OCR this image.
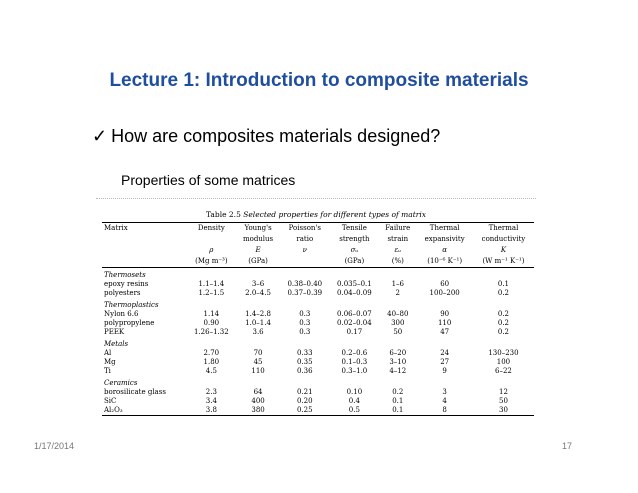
Lecture 1: Introduction to composite materials
✓ How are composites materials designed?
Properties of some matrices
Table 2.5 Selected properties for different types of matrix
Matrix	Density	Young's	Poisson's	Tensile	Failure	Thermal	Thermal
		modulus	ratio	strength	strain	expansivity	conductivity
	ρ	E	ν	σᵤ	εᵤ	α	K
	(Mg m⁻³)	(GPa)		(GPa)	(%)	(10⁻⁶ K⁻¹)	(W m⁻¹ K⁻¹)
Thermosets							
epoxy resins	1.1–1.4	3–6	0.38–0.40	0.035–0.1	1–6	60	0.1
polyesters	1.2–1.5	2.0–4.5	0.37–0.39	0.04–0.09	2	100–200	0.2
Thermoplastics							
Nylon 6.6	1.14	1.4–2.8	0.3	0.06–0.07	40–80	90	0.2
polypropylene	0.90	1.0–1.4	0.3	0.02–0.04	300	110	0.2
PEEK	1.26–1.32	3.6	0.3	0.17	50	47	0.2
Metals							
Al	2.70	70	0.33	0.2–0.6	6–20	24	130–230
Mg	1.80	45	0.35	0.1–0.3	3–10	27	100
Ti	4.5	110	0.36	0.3–1.0	4–12	9	6–22
Ceramics							
borosilicate glass	2.3	64	0.21	0.10	0.2	3	12
SiC	3.4	400	0.20	0.4	0.1	4	50
Al₂O₃	3.8	380	0.25	0.5	0.1	8	30
1/17/2014	17
